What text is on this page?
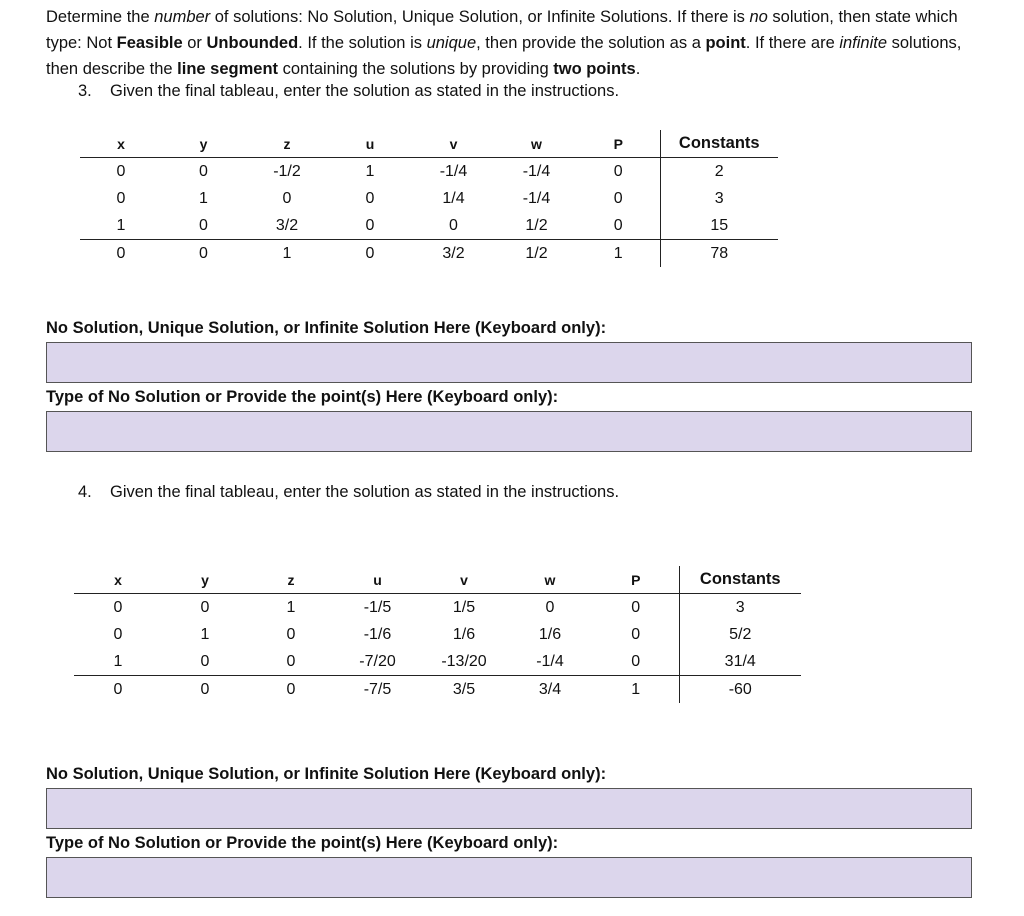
Determine the number of solutions: No Solution, Unique Solution, or Infinite Solutions. If there is no solution, then state which type: Not Feasible or Unbounded. If the solution is unique, then provide the solution as a point. If there are infinite solutions, then describe the line segment containing the solutions by providing two points.
3. Given the final tableau, enter the solution as stated in the instructions.
x	y	z	u	v	w	P	Constants
0	0	-1/2	1	-1/4	-1/4	0	2
0	1	0	0	1/4	-1/4	0	3
1	0	3/2	0	0	1/2	0	15
0	0	1	0	3/2	1/2	1	78
No Solution, Unique Solution, or Infinite Solution Here (Keyboard only):
Type of No Solution or Provide the point(s) Here (Keyboard only):
4. Given the final tableau, enter the solution as stated in the instructions.
x	y	z	u	v	w	P	Constants
0	0	1	-1/5	1/5	0	0	3
0	1	0	-1/6	1/6	1/6	0	5/2
1	0	0	-7/20	-13/20	-1/4	0	31/4
0	0	0	-7/5	3/5	3/4	1	-60
No Solution, Unique Solution, or Infinite Solution Here (Keyboard only):
Type of No Solution or Provide the point(s) Here (Keyboard only):
